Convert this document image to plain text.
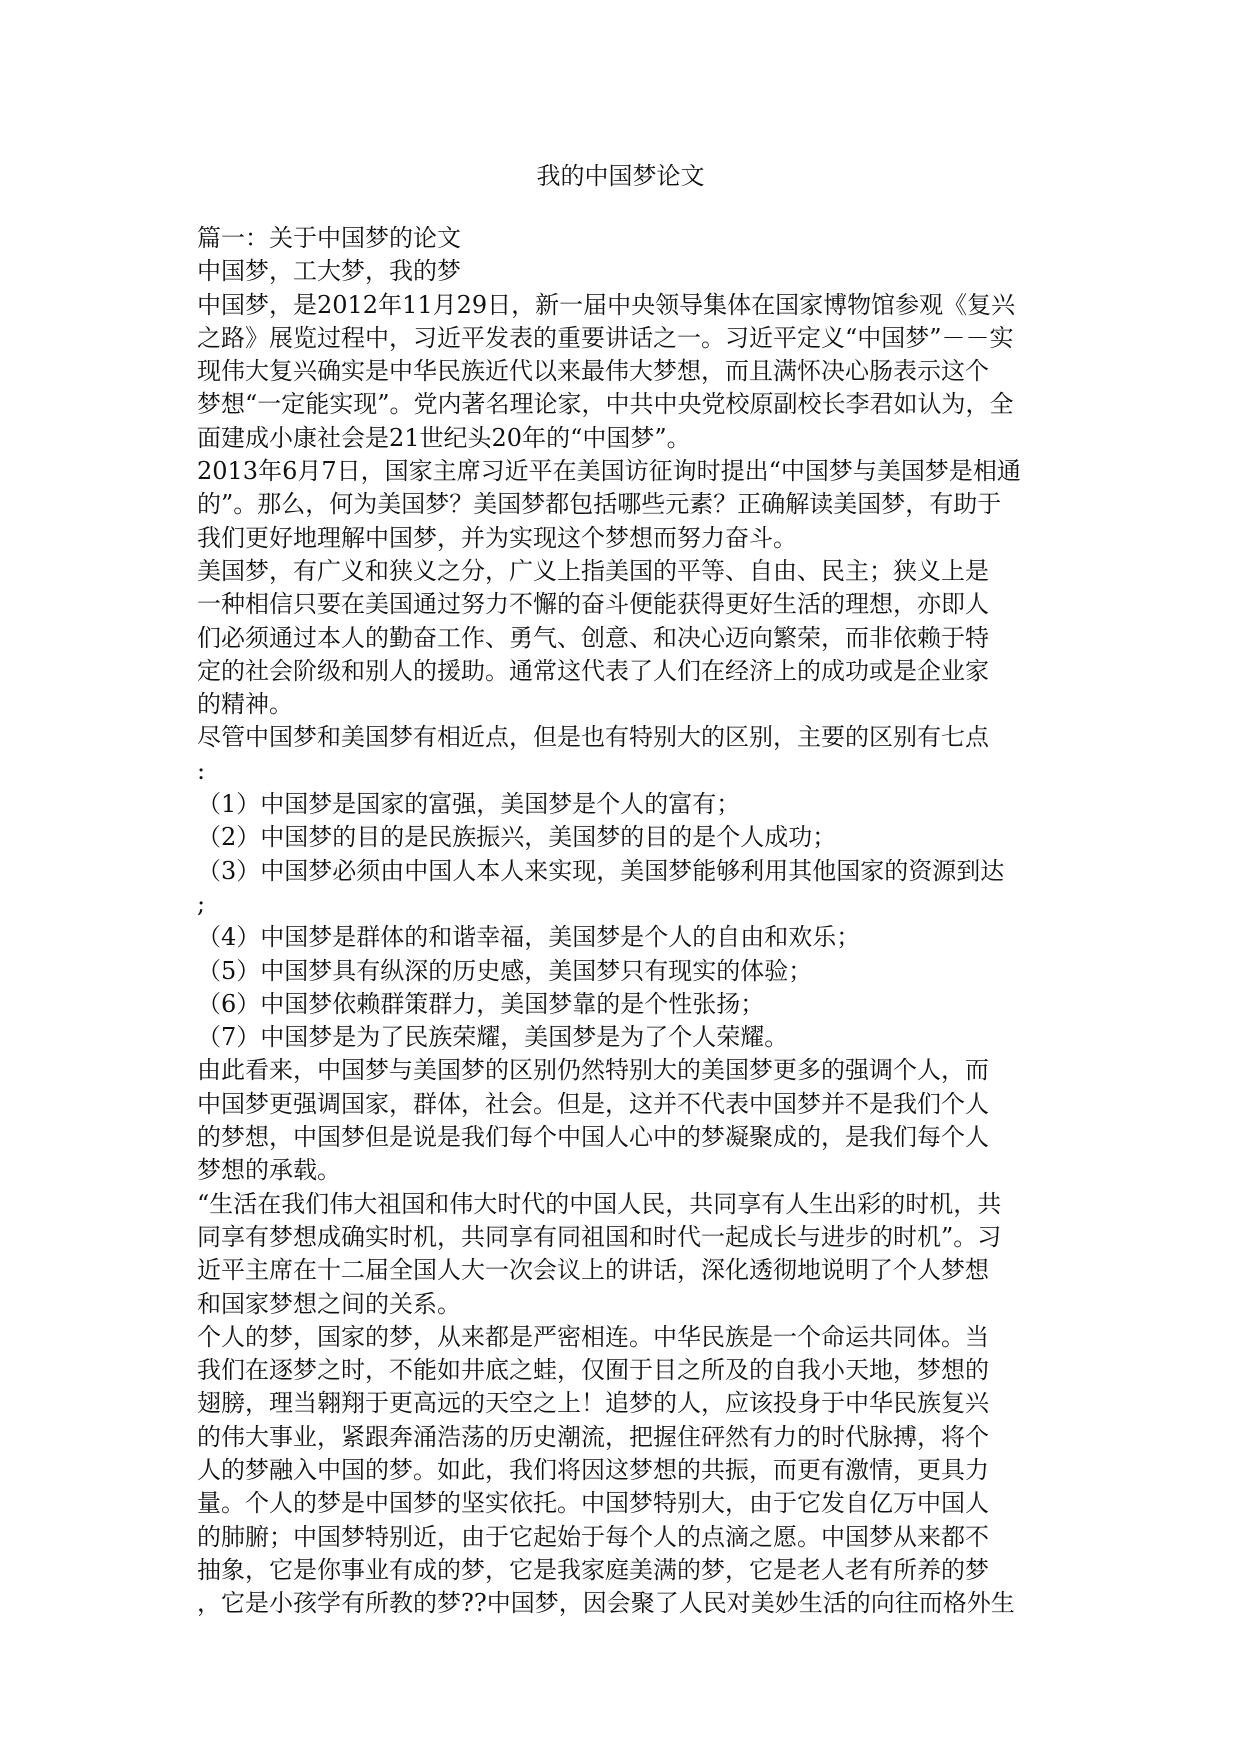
我的中国梦论文
篇一：关于中国梦的论文
中国梦，工大梦，我的梦
中国梦，是2012年11月29日，新一届中央领导集体在国家博物馆参观《复兴
之路》展览过程中，习近平发表的重要讲话之一。习近平定义“中国梦”－－实
现伟大复兴确实是中华民族近代以来最伟大梦想，而且满怀决心肠表示这个
梦想“一定能实现”。党内著名理论家，中共中央党校原副校长李君如认为，全
面建成小康社会是21世纪头20年的“中国梦”。
2013年6月7日，国家主席习近平在美国访征询时提出“中国梦与美国梦是相通
的”。那么，何为美国梦？美国梦都包括哪些元素？正确解读美国梦，有助于
我们更好地理解中国梦，并为实现这个梦想而努力奋斗。
美国梦，有广义和狭义之分，广义上指美国的平等、自由、民主；狭义上是
一种相信只要在美国通过努力不懈的奋斗便能获得更好生活的理想，亦即人
们必须通过本人的勤奋工作、勇气、创意、和决心迈向繁荣，而非依赖于特
定的社会阶级和别人的援助。通常这代表了人们在经济上的成功或是企业家
的精神。
尽管中国梦和美国梦有相近点，但是也有特别大的区别，主要的区别有七点
:
（1）中国梦是国家的富强，美国梦是个人的富有；
（2）中国梦的目的是民族振兴，美国梦的目的是个人成功；
（3）中国梦必须由中国人本人来实现，美国梦能够利用其他国家的资源到达
;
（4）中国梦是群体的和谐幸福，美国梦是个人的自由和欢乐；
（5）中国梦具有纵深的历史感，美国梦只有现实的体验；
（6）中国梦依赖群策群力，美国梦靠的是个性张扬；
（7）中国梦是为了民族荣耀，美国梦是为了个人荣耀。
由此看来，中国梦与美国梦的区别仍然特别大的美国梦更多的强调个人，而
中国梦更强调国家，群体，社会。但是，这并不代表中国梦并不是我们个人
的梦想，中国梦但是说是我们每个中国人心中的梦凝聚成的，是我们每个人
梦想的承载。
“生活在我们伟大祖国和伟大时代的中国人民，共同享有人生出彩的时机，共
同享有梦想成确实时机，共同享有同祖国和时代一起成长与进步的时机”。习
近平主席在十二届全国人大一次会议上的讲话，深化透彻地说明了个人梦想
和国家梦想之间的关系。
个人的梦，国家的梦，从来都是严密相连。中华民族是一个命运共同体。当
我们在逐梦之时，不能如井底之蛙，仅囿于目之所及的自我小天地，梦想的
翅膀，理当翱翔于更高远的天空之上！追梦的人，应该投身于中华民族复兴
的伟大事业，紧跟奔涌浩荡的历史潮流，把握住砰然有力的时代脉搏，将个
人的梦融入中国的梦。如此，我们将因这梦想的共振，而更有激情，更具力
量。个人的梦是中国梦的坚实依托。中国梦特别大，由于它发自亿万中国人
的肺腑；中国梦特别近，由于它起始于每个人的点滴之愿。中国梦从来都不
抽象，它是你事业有成的梦，它是我家庭美满的梦，它是老人老有所养的梦
，它是小孩学有所教的梦??中国梦，因会聚了人民对美妙生活的向往而格外生
